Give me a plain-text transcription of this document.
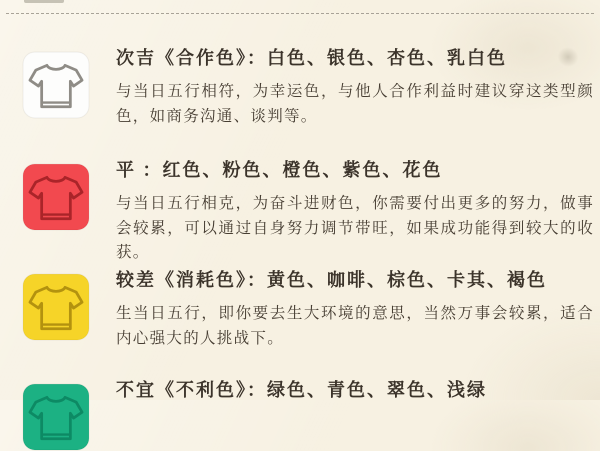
次吉《合作色》：白色、银色、杏色、乳白色

与当日五行相符，为幸运色，与他人合作利益时建议穿这类型颜色，如商务沟通、谈判等。

平 ：红色、粉色、橙色、紫色、花色

与当日五行相克，为奋斗进财色，你需要付出更多的努力，做事会较累，可以通过自身努力调节带旺，如果成功能得到较大的收获。

较差《消耗色》：黄色、咖啡、棕色、卡其、褐色

生当日五行，即你要去生大环境的意思，当然万事会较累，适合内心强大的人挑战下。

不宜《不利色》：绿色、青色、翠色、浅绿
